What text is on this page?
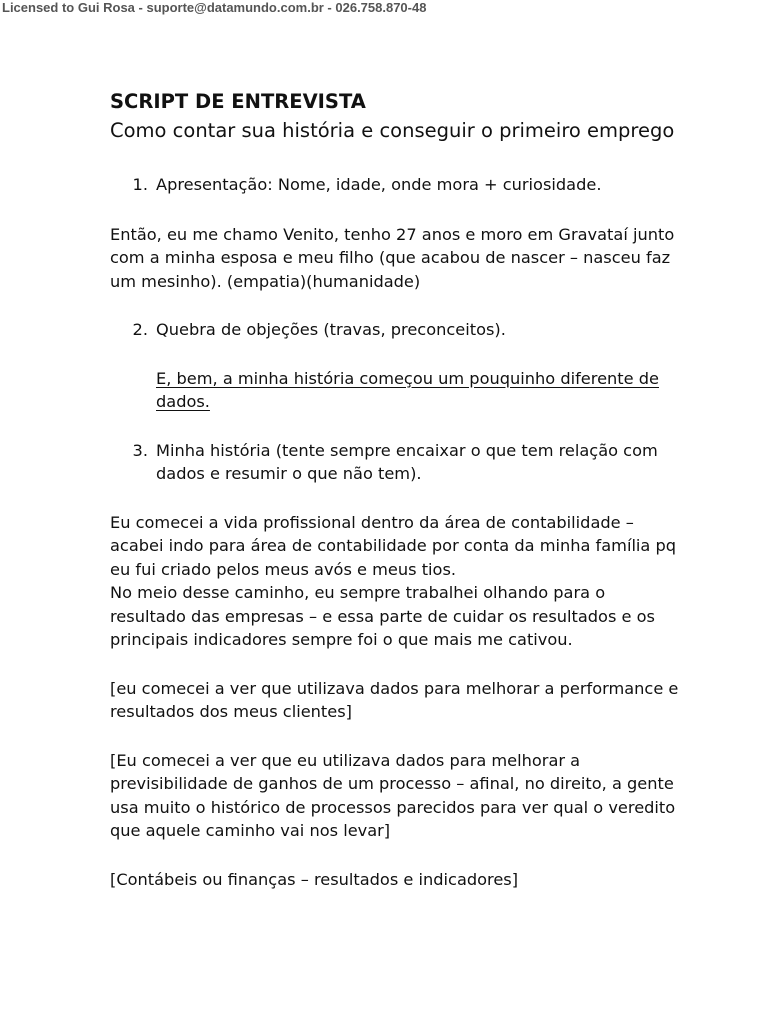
Licensed to Gui Rosa - suporte@datamundo.com.br - 026.758.870-48

SCRIPT DE ENTREVISTA

Como contar sua história e conseguir o primeiro emprego

1. Apresentação: Nome, idade, onde mora + curiosidade.

Então, eu me chamo Venito, tenho 27 anos e moro em Gravataí junto com a minha esposa e meu filho (que acabou de nascer – nasceu faz um mesinho). (empatia)(humanidade)

2. Quebra de objeções (travas, preconceitos).

E, bem, a minha história começou um pouquinho diferente de dados.

3. Minha história (tente sempre encaixar o que tem relação com dados e resumir o que não tem).

Eu comecei a vida profissional dentro da área de contabilidade – acabei indo para área de contabilidade por conta da minha família pq eu fui criado pelos meus avós e meus tios.

No meio desse caminho, eu sempre trabalhei olhando para o resultado das empresas – e essa parte de cuidar os resultados e os principais indicadores sempre foi o que mais me cativou.

[eu comecei a ver que utilizava dados para melhorar a performance e resultados dos meus clientes]

[Eu comecei a ver que eu utilizava dados para melhorar a previsibilidade de ganhos de um processo – afinal, no direito, a gente usa muito o histórico de processos parecidos para ver qual o veredito que aquele caminho vai nos levar]

[Contábeis ou finanças – resultados e indicadores]
